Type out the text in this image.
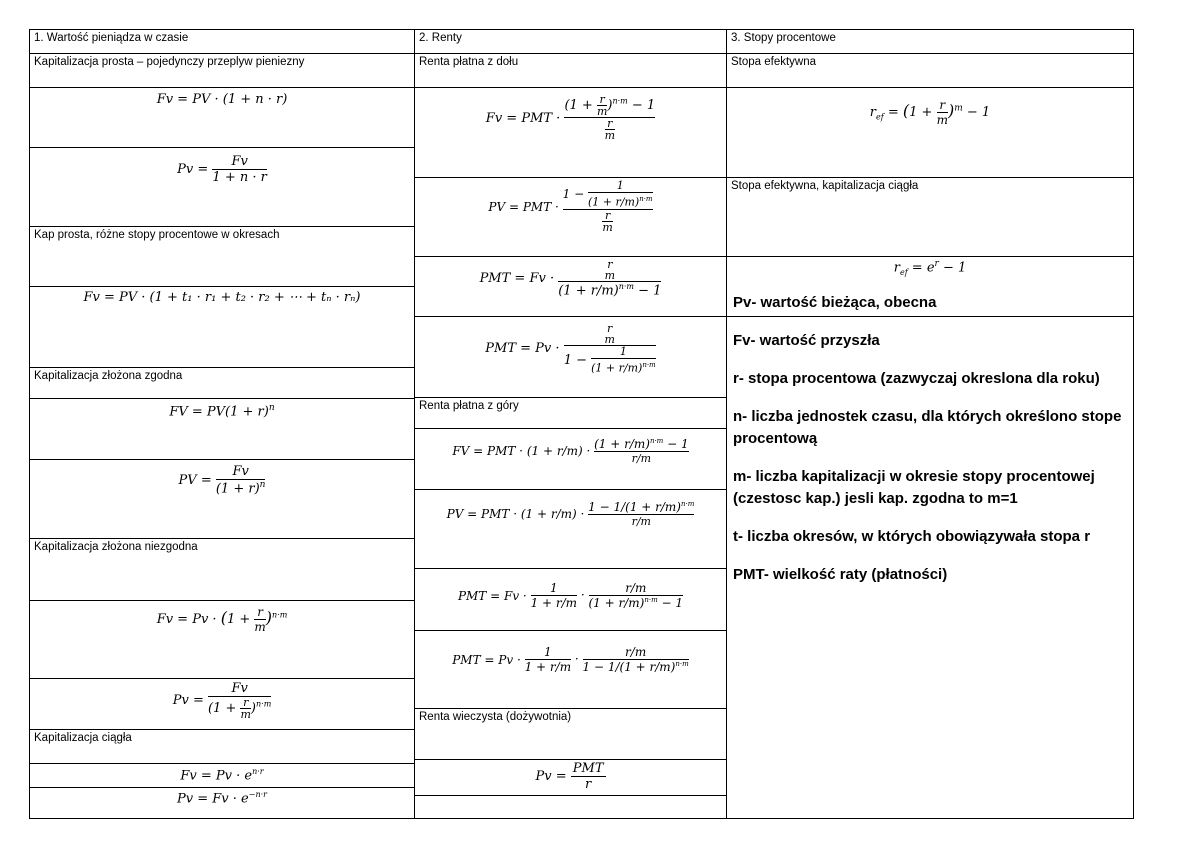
1. Wartość pieniądza w czasie
Kapitalizacja prosta – pojedynczy przeplyw pieniezny
Fv = PV · (1 + n · r)
$Pv = \frac{Fv}{1 + n \cdot r}$
Kap prosta, różne stopy procentowe w okresach
Fv = PV · (1 + t₁ · r₁ + t₂ · r₂ + ⋯ + tₙ · rₙ)
Kapitalizacja złożona zgodna
FV = $PV(1 + r)^n$
PV = $\frac{Fv}{(1 + r)^n}$
Kapitalizacja złożona niezgodna
$Fv = Pv \cdot (1 + \frac{r}{m} )^{n\cdot m}$
$Pv = \frac{Fv}{(1 + \frac{r}{m} )^{n\cdot m}}$
Kapitalizacja ciągła
$Fv = Pv \cdot e^{n\cdot r}$
$Pv = Fv \cdot e^{-n\cdot r}$
2. Renty
Renta płatna z dołu
Fv = PMT ·
$(1 + \frac{r}{m} )^{n\cdot m} - 1$
$\frac{r}{m}$
PV = PMT · $\frac{1 - \frac{1}{(1 + r/m)^{n\cdot m}}}{\frac{r}{m}}$
PMT = Fv ·
r
m
$(1 + r/m)^{n\cdot m} - 1$
PMT = Pv ·
r
m
$1 - \frac{1}{(1 + r/m)^{n\cdot m}}$
Renta płatna z góry
FV = PMT · $(1 + r/m) \cdot \frac{(1 + r/m)^{n\cdot m} - 1}{r/m}$
PV = PMT · $(1 + r/m) \cdot \frac{1 - 1/(1 + r/m)^{n\cdot m}}{r/m}$
PMT = $Fv \cdot \frac{1}{1 + r/m} \cdot \frac{r/m}{(1 + r/m)^{n\cdot m} - 1}$
PMT = $Pv \cdot \frac{1}{1 + r/m} \cdot \frac{r/m}{1 - 1/(1 + r/m)^{n\cdot m}}$
Renta wieczysta (dożywotnia)
Pv =
PMT
r
3. Stopy procentowe
Stopa efektywna
$r_{ef} = (1 + \frac{r}{m} )^m - 1$
Stopa efektywna, kapitalizacja ciągła
$r_{ef} = e^r - 1$

Pv- wartość bieżąca, obecna

Fv- wartość przyszła

r- stopa procentowa (zazwyczaj okreslona dla roku)

n- liczba jednostek czasu, dla których określono stope procentową

m- liczba kapitalizacji w okresie stopy procentowej (czestosc kap.) jesli kap. zgodna to m=1

t- liczba okresów, w których obowiązywała stopa r

PMT- wielkość raty (płatności)
